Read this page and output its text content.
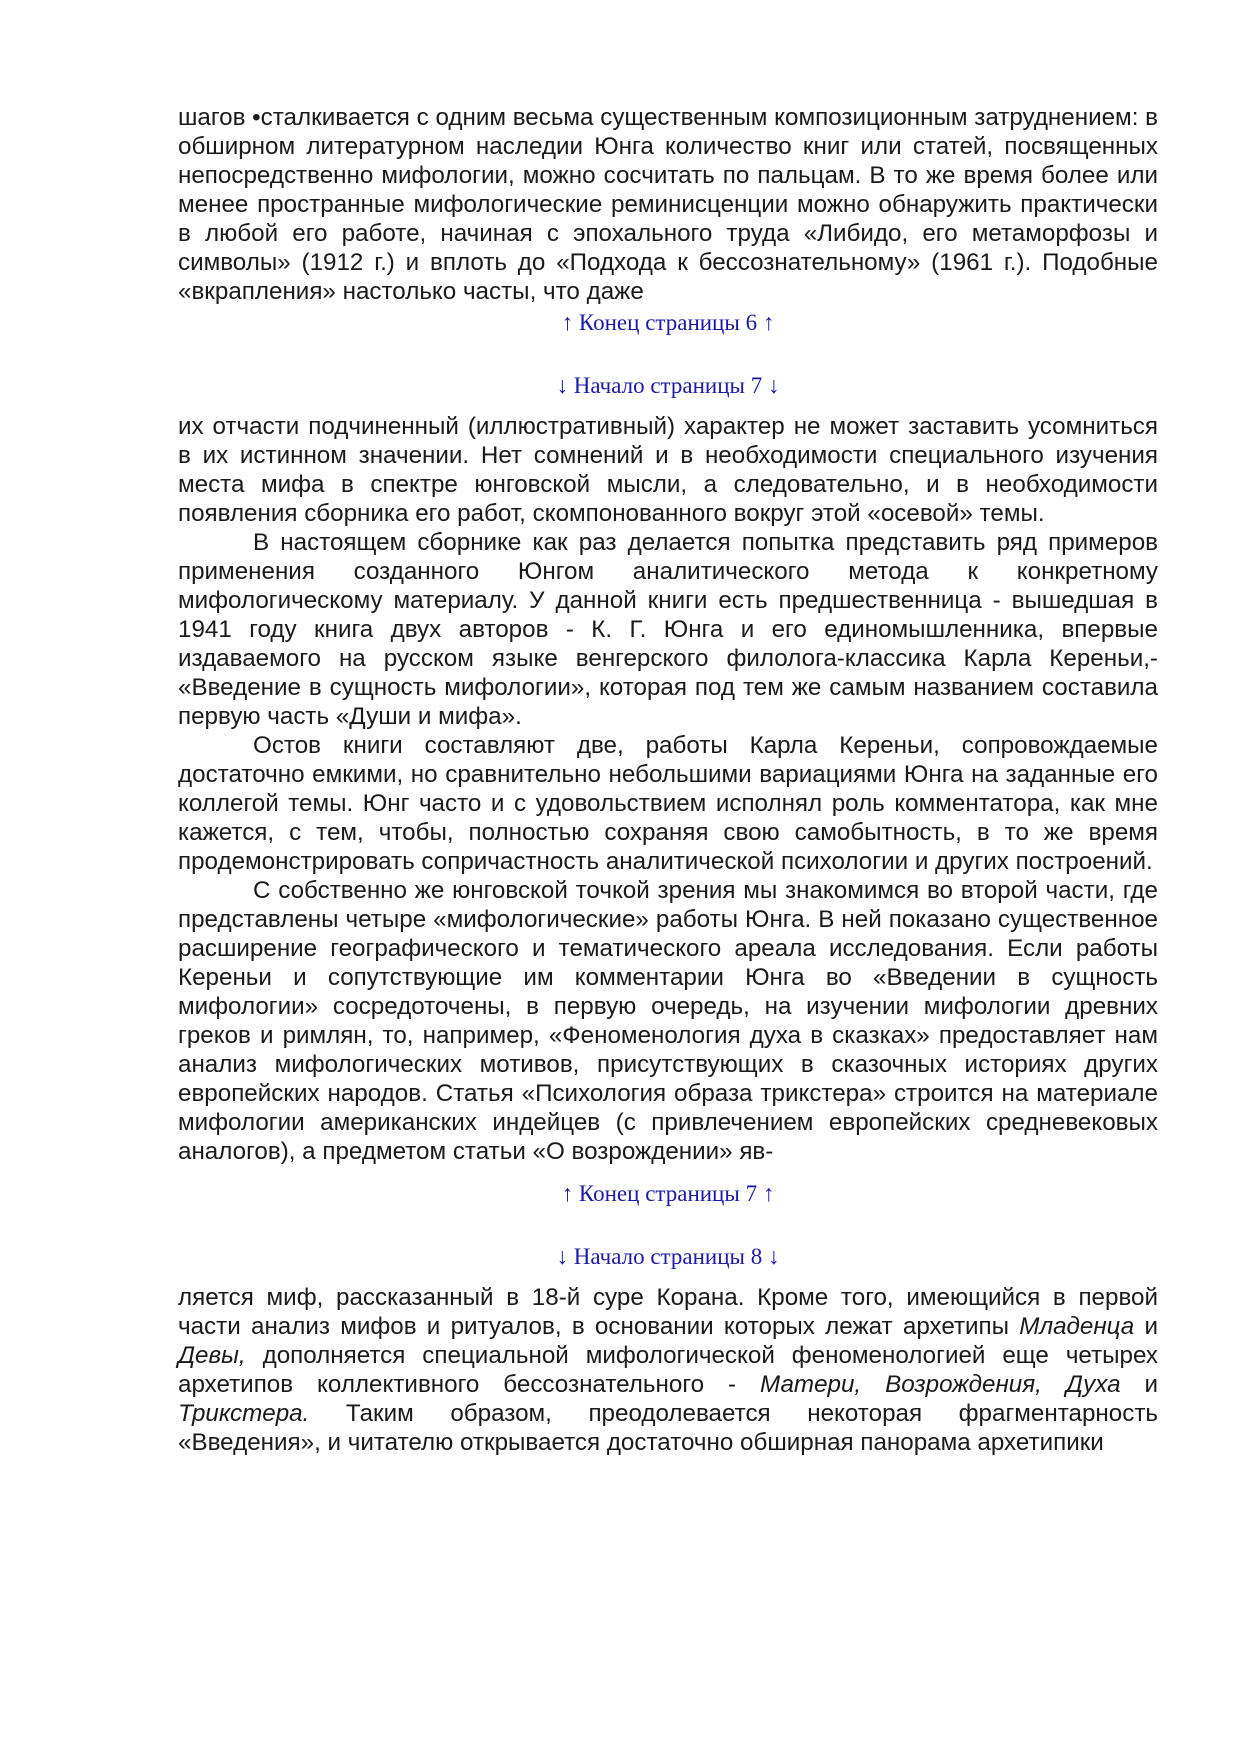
шагов •сталкивается с одним весьма существенным композиционным затруднением: в обширном литературном наследии Юнга количество книг или статей, посвященных непосредственно мифологии, можно сосчитать по пальцам. В то же время более или менее пространные мифологические реминисценции можно обнаружить практически в любой его работе, начиная с эпохального труда «Либидо, его метаморфозы и символы» (1912 г.) и вплоть до «Подхода к бессознательному» (1961 г.). Подобные «вкрапления» настолько часты, что даже

↑ Конец страницы 6 ↑
↓ Начало страницы 7 ↓

их отчасти подчиненный (иллюстративный) характер не может заставить усомниться в их истинном значении. Нет сомнений и в необходимости специального изучения места мифа в спектре юнговской мысли, а следовательно, и в необходимости появления сборника его работ, скомпонованного вокруг этой «осевой» темы.

В настоящем сборнике как раз делается попытка представить ряд примеров применения созданного Юнгом аналитического метода к конкретному мифологическому материалу. У данной книги есть предшественница - вышедшая в 1941 году книга двух авторов - К. Г. Юнга и его единомышленника, впервые издаваемого на русском языке венгерского филолога-классика Карла Кереньи,- «Введение в сущность мифологии», которая под тем же самым названием составила первую часть «Души и мифа».

Остов книги составляют две, работы Карла Кереньи, сопровождаемые достаточно емкими, но сравнительно небольшими вариациями Юнга на заданные его коллегой темы. Юнг часто и с удовольствием исполнял роль комментатора, как мне кажется, с тем, чтобы, полностью сохраняя свою самобытность, в то же время продемонстрировать сопричастность аналитической психологии и других построений.

С собственно же юнговской точкой зрения мы знакомимся во второй части, где представлены четыре «мифологические» работы Юнга. В ней показано существенное расширение географического и тематического ареала исследования. Если работы Кереньи и сопутствующие им комментарии Юнга во «Введении в сущность мифологии» сосредоточены, в первую очередь, на изучении мифологии древних греков и римлян, то, например, «Феноменология духа в сказках» предоставляет нам анализ мифологических мотивов, присутствующих в сказочных историях других европейских народов. Статья «Психология образа трикстера» строится на материале мифологии американских индейцев (с привлечением европейских средневековых аналогов), а предметом статьи «О возрождении» яв-

↑ Конец страницы 7 ↑
↓ Начало страницы 8 ↓

ляется миф, рассказанный в 18-й суре Корана. Кроме того, имеющийся в первой части анализ мифов и ритуалов, в основании которых лежат архетипы Младенца и Девы, дополняется специальной мифологической феноменологией еще четырех архетипов коллективного бессознательного - Матери, Возрождения, Духа и Трикстера. Таким образом, преодолевается некоторая фрагментарность «Введения», и читателю открывается достаточно обширная панорама архетипики
